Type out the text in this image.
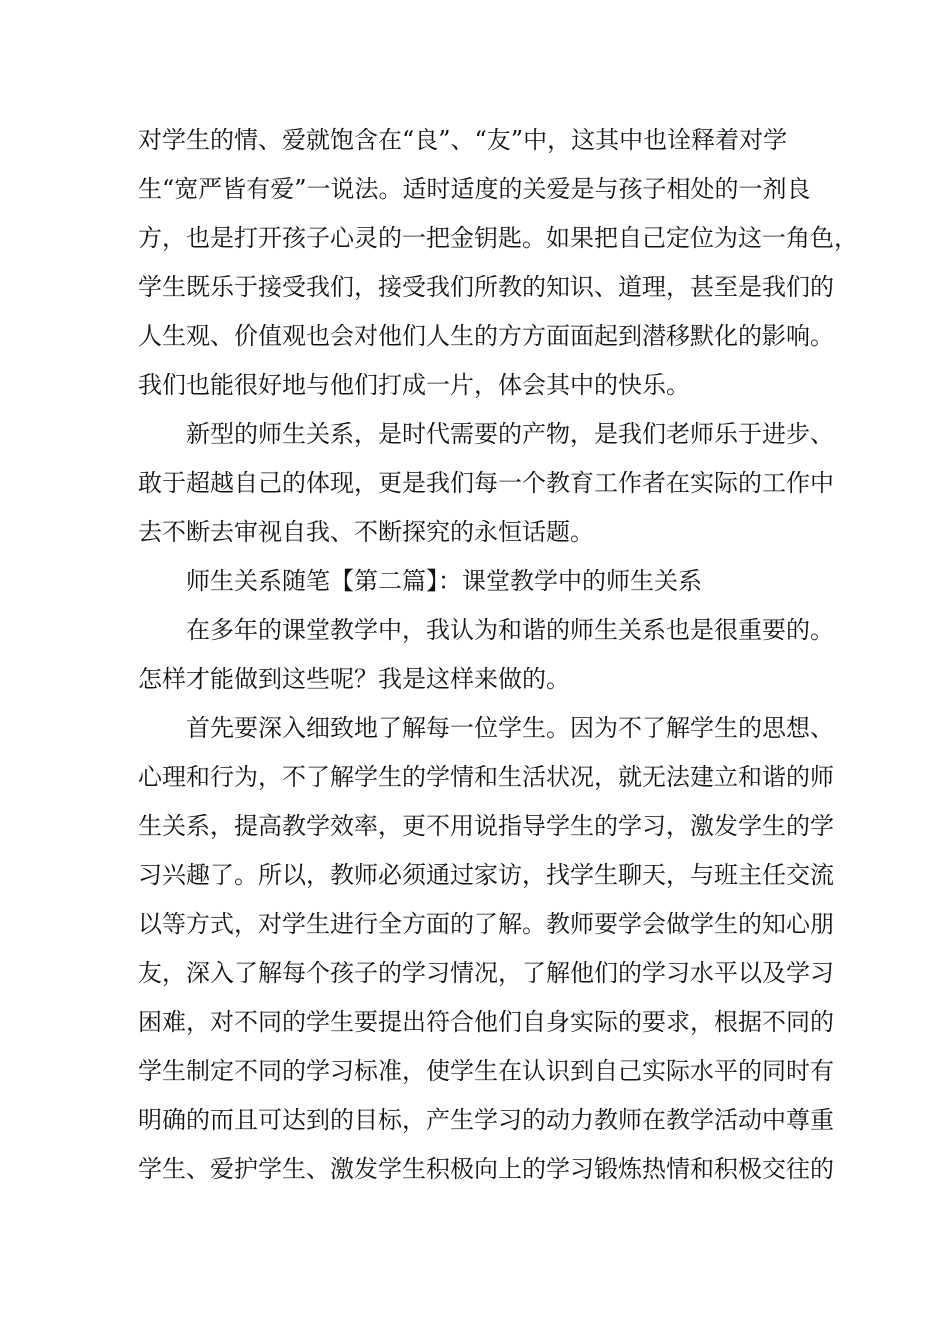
对学生的情、爱就饱含在“良”、“友”中，这其中也诠释着对学
生“宽严皆有爱”一说法。适时适度的关爱是与孩子相处的一剂良
方，也是打开孩子心灵的一把金钥匙。如果把自己定位为这一角色，
学生既乐于接受我们，接受我们所教的知识、道理，甚至是我们的
人生观、价值观也会对他们人生的方方面面起到潜移默化的影响。
我们也能很好地与他们打成一片，体会其中的快乐。
　　新型的师生关系，是时代需要的产物，是我们老师乐于进步、
敢于超越自己的体现，更是我们每一个教育工作者在实际的工作中
去不断去审视自我、不断探究的永恒话题。
　　师生关系随笔【第二篇】：课堂教学中的师生关系
　　在多年的课堂教学中，我认为和谐的师生关系也是很重要的。
怎样才能做到这些呢？我是这样来做的。
　　首先要深入细致地了解每一位学生。因为不了解学生的思想、
心理和行为，不了解学生的学情和生活状况，就无法建立和谐的师
生关系，提高教学效率，更不用说指导学生的学习，激发学生的学
习兴趣了。所以，教师必须通过家访，找学生聊天，与班主任交流
以等方式，对学生进行全方面的了解。教师要学会做学生的知心朋
友，深入了解每个孩子的学习情况，了解他们的学习水平以及学习
困难，对不同的学生要提出符合他们自身实际的要求，根据不同的
学生制定不同的学习标准，使学生在认识到自己实际水平的同时有
明确的而且可达到的目标，产生学习的动力教师在教学活动中尊重
学生、爱护学生、激发学生积极向上的学习锻炼热情和积极交往的
